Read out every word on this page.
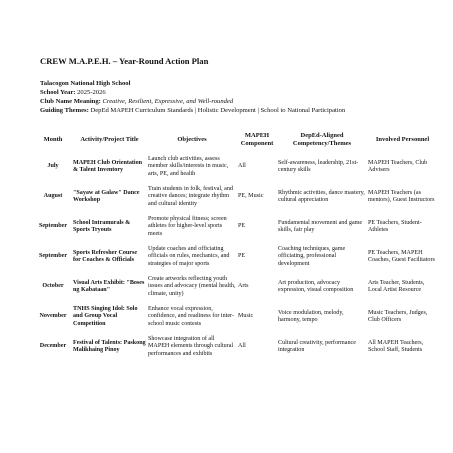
CREW M.A.P.E.H. – Year-Round Action Plan
Talacogon National High School
School Year: 2025-2026
Club Name Meaning: Creative, Resilient, Expressive, and Well-rounded
Guiding Themes: DepEd MAPEH Curriculum Standards | Holistic Development | School to National Participation
Month	Activity/Project Title	Objectives	MAPEH Component	DepEd-Aligned Competency/Themes	Involved Personnel
July	MAPEH Club Orientation & Talent Inventory	Launch club activities, assess member skills/interests in music, arts, PE, and health	All	Self-awareness, leadership, 21st-century skills	MAPEH Teachers, Club Advisers
August	"Sayaw at Galaw" Dance Workshop	Train students in folk, festival, and creative dances; integrate rhythm and cultural identity	PE, Music	Rhythmic activities, dance mastery, cultural appreciation	MAPEH Teachers (as mentors), Guest Instructors
September	School Intramurals & Sports Tryouts	Promote physical fitness; screen athletes for higher-level sports meets	PE	Fundamental movement and game skills, fair play	PE Teachers, Student-Athletes
September	Sports Refresher Course for Coaches & Officials	Update coaches and officiating officials on rules, mechanics, and strategies of major sports	PE	Coaching techniques, game officiating, professional development	PE Teachers, MAPEH Coaches, Guest Facilitators
October	Visual Arts Exhibit: "Boses ng Kabataan"	Create artworks reflecting youth issues and advocacy (mental health, climate, unity)	Arts	Art production, advocacy expression, visual composition	Arts Teacher, Students, Local Artist Resource
November	TNHS Singing Idol: Solo and Group Vocal Competition	Enhance vocal expression, confidence, and readiness for inter-school music contests	Music	Voice modulation, melody, harmony, tempo	Music Teachers, Judges, Club Officers
December	Festival of Talents: Paskong Malikhaing Pinoy	Showcase integration of all MAPEH elements through cultural performances and exhibits	All	Cultural creativity, performance integration	All MAPEH Teachers, School Staff, Students
